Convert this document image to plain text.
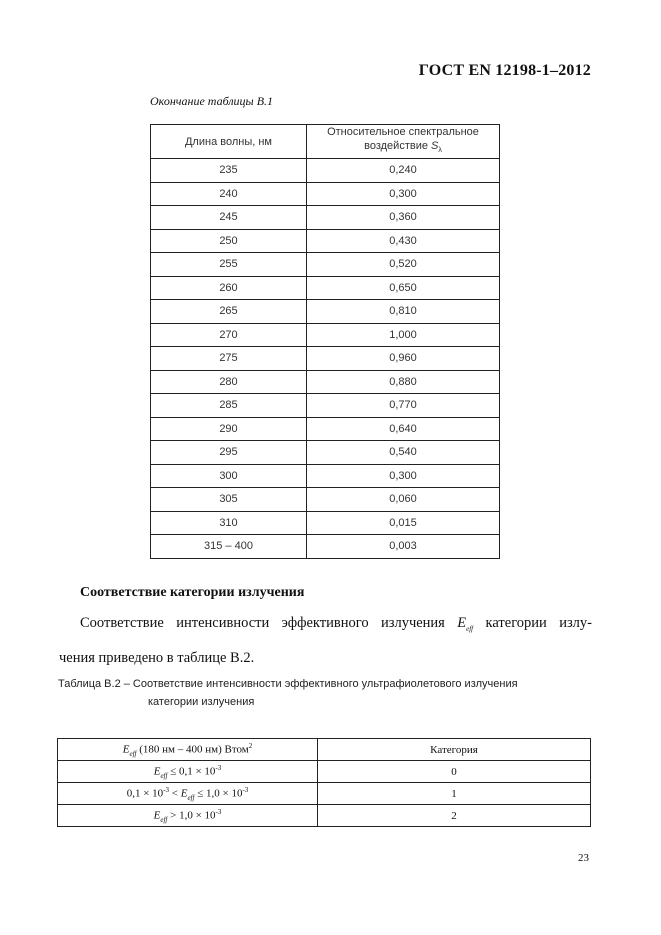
ГОСТ EN 12198-1–2012
Окончание таблицы B.1
Длина волны, нм	Относительное спектральное
воздействие $S_\lambda$
235	0,240
240	0,300
245	0,360
250	0,430
255	0,520
260	0,650
265	0,810
270	1,000
275	0,960
280	0,880
285	0,770
290	0,640
295	0,540
300	0,300
305	0,060
310	0,015
315 – 400	0,003
Соответствие категории излучения
Соответствие интенсивности эффективного излучения $E_{eff}$ категории излу-
чения приведено в таблице B.2.
Таблица B.2 – Соответствие интенсивности эффективного ультрафиолетового излучения
категории излучения
$E_{eff}$ (180 нм – 400 нм) Втом$^2$	Категория
$E_{eff} \le 0,1 \times 10^{-3}$	0
$0,1 \times 10^{-3} < E_{eff} \le 1,0 \times 10^{-3}$	1
$E_{eff} > 1,0 \times 10^{-3}$	2
23
